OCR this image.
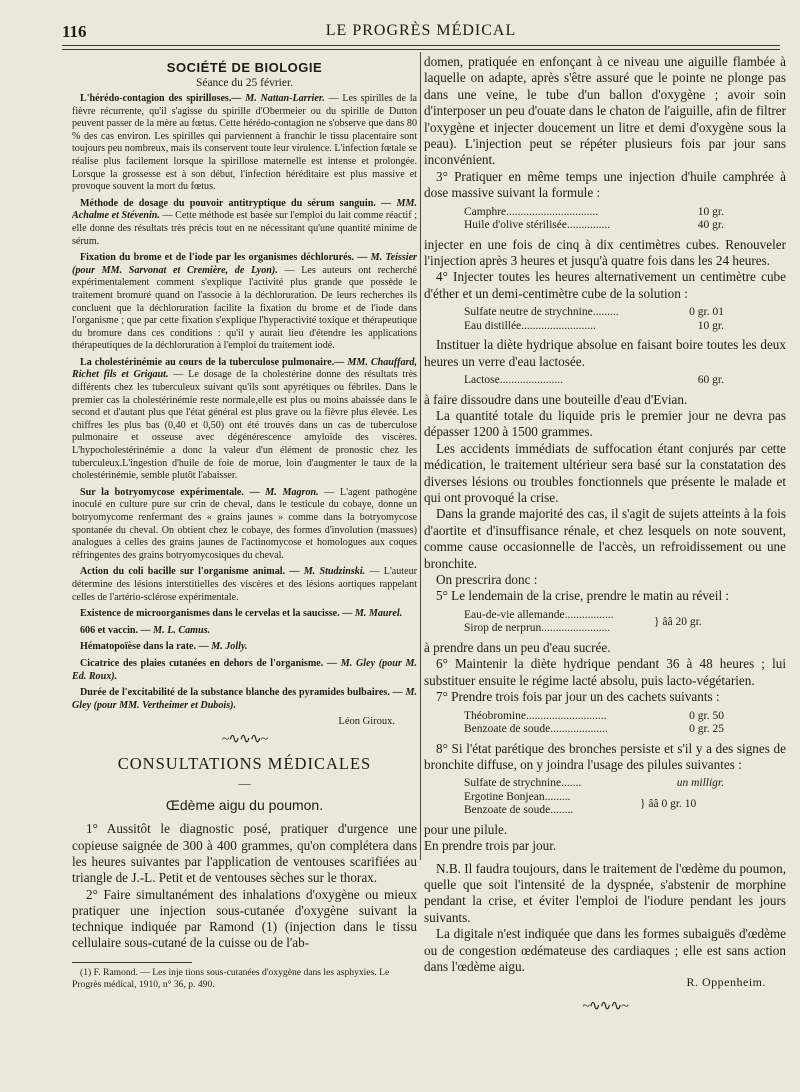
116	LE PROGRÈS MÉDICAL
SOCIÉTÉ DE BIOLOGIE
Séance du 25 février.

L'hérédo-contagion des spirilloses.— M. Nattan-Larrier. — Les spirilles de la fièvre récurrente, qu'il s'agisse du spirille d'Obermeier ou du spirille de Dutton peuvent passer de la mère au fœtus. Cette hérédo-contagion ne s'observe que dans 80 % des cas environ. Les spirilles qui parviennent à franchir le tissu placentaire sont toujours peu nombreux, mais ils conservent toute leur virulence. L'infection fœtale se réalise plus facilement lorsque la spirillose maternelle est intense et prolongée. Lorsque la grossesse est à son début, l'infection héréditaire est plus massive et provoque souvent la mort du fœtus.

Méthode de dosage du pouvoir antitryptique du sérum sanguin. — MM. Achalme et Stévenin. — Cette méthode est basée sur l'emploi du lait comme réactif ; elle donne des résultats très précis tout en ne nécessitant qu'une quantité minime de sérum.

Fixation du brome et de l'iode par les organismes déchlorurés. — M. Teissier (pour MM. Sarvonat et Cremière, de Lyon). — Les auteurs ont recherché expérimentalement comment s'explique l'activité plus grande que possède le traitement bromuré quand on l'associe à la déchloruration. De leurs recherches ils concluent que la déchloruration facilite la fixation du brome et de l'iode dans l'organisme ; que par cette fixation s'explique l'hyperactivité toxique et thérapeutique du bromure dans ces conditions : qu'il y aurait lieu d'étendre les applications thérapeutiques de la déchloruration à l'emploi du traitement iodé.

La cholestérinémie au cours de la tuberculose pulmonaire.— MM. Chauffard, Richet fils et Grigaut. — Le dosage de la cholestérine donne des résultats très différents chez les tuberculeux suivant qu'ils sont apyrétiques ou fébriles. Dans le premier cas la cholestérinémie reste normale,elle est plus ou moins abaissée dans le second et d'autant plus que l'état général est plus grave ou la fièvre plus élevée. Les chiffres les plus bas (0,40 et 0,50) ont été trouvés dans un cas de tuberculose pulmonaire et osseuse avec dégénérescence amyloïde des viscères. L'hypocholestérinémie a donc la valeur d'un élément de pronostic chez les tuberculeux.L'ingestion d'huile de foie de morue, loin d'augmenter le taux de la cholestérinémie, semble plutôt l'abaisser.

Sur la botryomycose expérimentale. — M. Magron. — L'agent pathogène inoculé en culture pure sur crin de cheval, dans le testicule du cobaye, donne un botryomycome renfermant des « grains jaunes » comme dans la botryomycose spontanée du cheval. On obtient chez le cobaye, des formes d'involution (massues) analogues à celles des grains jaunes de l'actinomycose et homologues aux coques réfringentes des grains botryomycosiques du cheval.

Action du coli bacille sur l'organisme animal. — M. Studzinski. — L'auteur détermine des lésions interstitielles des viscères et des lésions aortiques rappelant celles de l'artério-sclérose expérimentale.

Existence de microorganismes dans le cervelas et la saucisse. — M. Maurel.

606 et vaccin. — M. L. Camus.

Hématopoïèse dans la rate. — M. Jolly.

Cicatrice des plaies cutanées en dehors de l'organisme. — M. Gley (pour M. Ed. Roux).

Durée de l'excitabilité de la substance blanche des pyramides bulbaires. — M. Gley (pour MM. Vertheimer et Dubois).

Léon Giroux.
~∿∿∿~
CONSULTATIONS MÉDICALES
—
Œdème aigu du poumon.

1° Aussitôt le diagnostic posé, pratiquer d'urgence une copieuse saignée de 300 à 400 grammes, qu'on complétera dans les heures suivantes par l'application de ventouses scarifiées au triangle de J.-L. Petit et de ventouses sèches sur le thorax.

2° Faire simultanément des inhalations d'oxygène ou mieux pratiquer une injection sous-cutanée d'oxygène suivant la technique indiquée par Ramond (1) (injection dans le tissu cellulaire sous-cutané de la cuisse ou de l'ab-

(1) F. Ramond. — Les inje tions sous-cutanées d'oxygène dans les asphyxies. Le Progrès médical, 1910, n° 36, p. 490.

domen, pratiquée en enfonçant à ce niveau une aiguille flambée à laquelle on adapte, après s'être assuré que le pointe ne plonge pas dans une veine, le tube d'un ballon d'oxygène ; avoir soin d'interposer un peu d'ouate dans le chaton de l'aiguille, afin de filtrer l'oxygène et injecter doucement un litre et demi d'oxygène sous la peau). L'injection peut se répéter plusieurs fois par jour sans inconvénient.

3° Pratiquer en même temps une injection d'huile camphrée à dose massive suivant la formule :

Camphre................................	10 gr.
Huile d'olive stérilisée...............	40 gr.

injecter en une fois de cinq à dix centimètres cubes. Renouveler l'injection après 3 heures et jusqu'à quatre fois dans les 24 heures.

4° Injecter toutes les heures alternativement un centimètre cube d'éther et un demi-centimètre cube de la solution :

Sulfate neutre de strychnine.........	0 gr. 01
Eau distillée..........................	10 gr.

Instituer la diète hydrique absolue en faisant boire toutes les deux heures un verre d'eau lactosée.

Lactose......................	60 gr.

à faire dissoudre dans une bouteille d'eau d'Evian.

La quantité totale du liquide pris le premier jour ne devra pas dépasser 1200 à 1500 grammes.

Les accidents immédiats de suffocation étant conjurés par cette médication, le traitement ultérieur sera basé sur la constatation des diverses lésions ou troubles fonctionnels que présente le malade et qui ont provoqué la crise.

Dans la grande majorité des cas, il s'agit de sujets atteints à la fois d'aortite et d'insuffisance rénale, et chez lesquels on note souvent, comme cause occasionnelle de l'accès, un refroidissement ou une bronchite.

On prescrira donc :

5° Le lendemain de la crise, prendre le matin au réveil :

Eau-de-vie allemande.................
Sirop de nerprun........................
} ââ 20 gr.

à prendre dans un peu d'eau sucrée.

6° Maintenir la diète hydrique pendant 36 à 48 heures ; lui substituer ensuite le régime lacté absolu, puis lacto-végétarien.

7° Prendre trois fois par jour un des cachets suivants :

Théobromine............................	0 gr. 50
Benzoate de soude....................	0 gr. 25

8° Si l'état parétique des bronches persiste et s'il y a des signes de bronchite diffuse, on y joindra l'usage des pilules suivantes :

Sulfate de strychnine.......	un milligr.
Ergotine Bonjean.........
Benzoate de soude........
} ââ 0 gr. 10

pour une pilule.

En prendre trois par jour.

N.B. Il faudra toujours, dans le traitement de l'œdème du poumon, quelle que soit l'intensité de la dyspnée, s'abstenir de morphine pendant la crise, et éviter l'emploi de l'iodure pendant les jours suivants.

La digitale n'est indiquée que dans les formes subaiguës d'œdème ou de congestion œdémateuse des cardiaques ; elle est sans action dans l'œdème aigu.

R. Oppenheim.
~∿∿∿~
